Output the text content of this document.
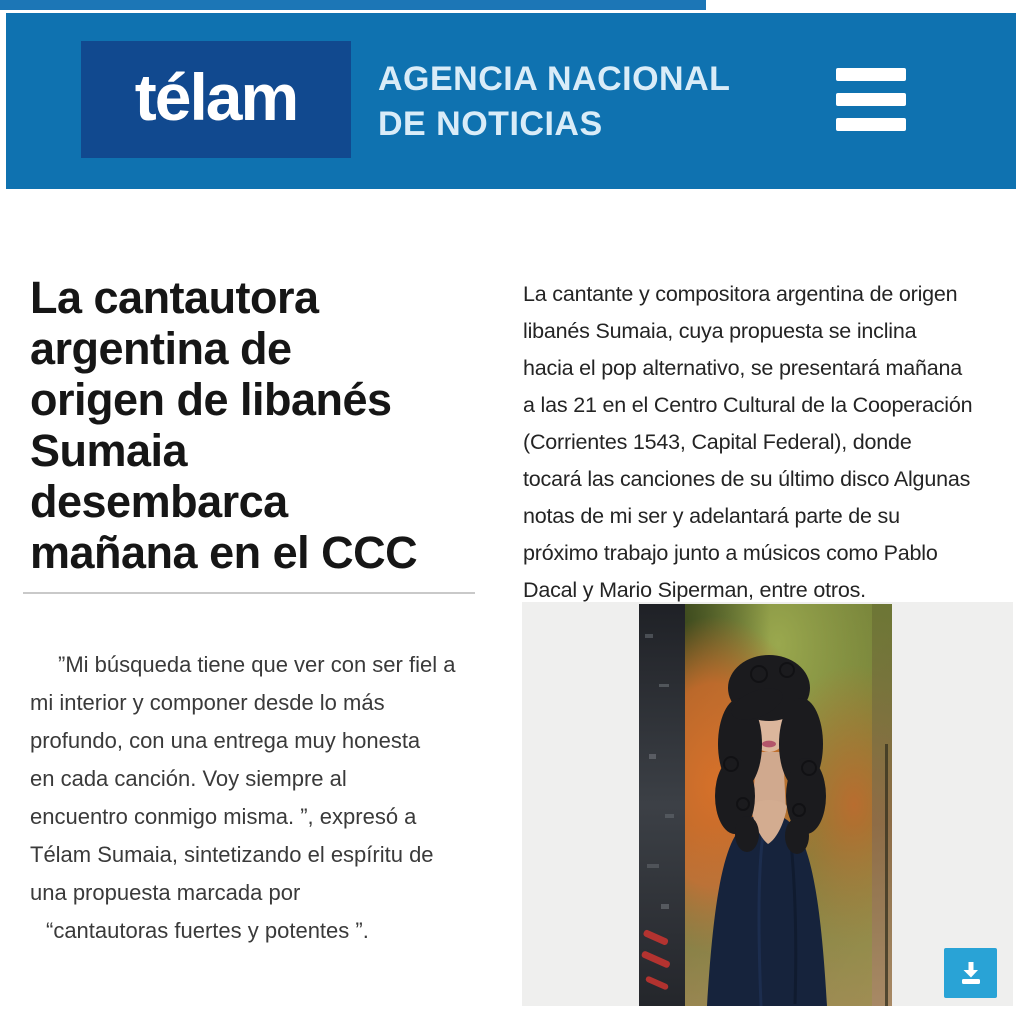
télam AGENCIA NACIONAL
DE NOTICIAS
La cantautora
argentina de
origen de libanés
Sumaia
desembarca
mañana en el CCC
”Mi búsqueda tiene que ver con ser fiel a
mi interior y componer desde lo más
profundo, con una entrega muy honesta
en cada canción. Voy siempre al
encuentro conmigo misma. ”, expresó a
Télam Sumaia, sintetizando el espíritu de
una propuesta marcada por
“cantautoras fuertes y potentes ”.
La cantante y compositora argentina de origen
libanés Sumaia, cuya propuesta se inclina
hacia el pop alternativo, se presentará mañana
a las 21 en el Centro Cultural de la Cooperación
(Corrientes 1543, Capital Federal), donde
tocará las canciones de su último disco Algunas
notas de mi ser y adelantará parte de su
próximo trabajo junto a músicos como Pablo
Dacal y Mario Siperman, entre otros.
